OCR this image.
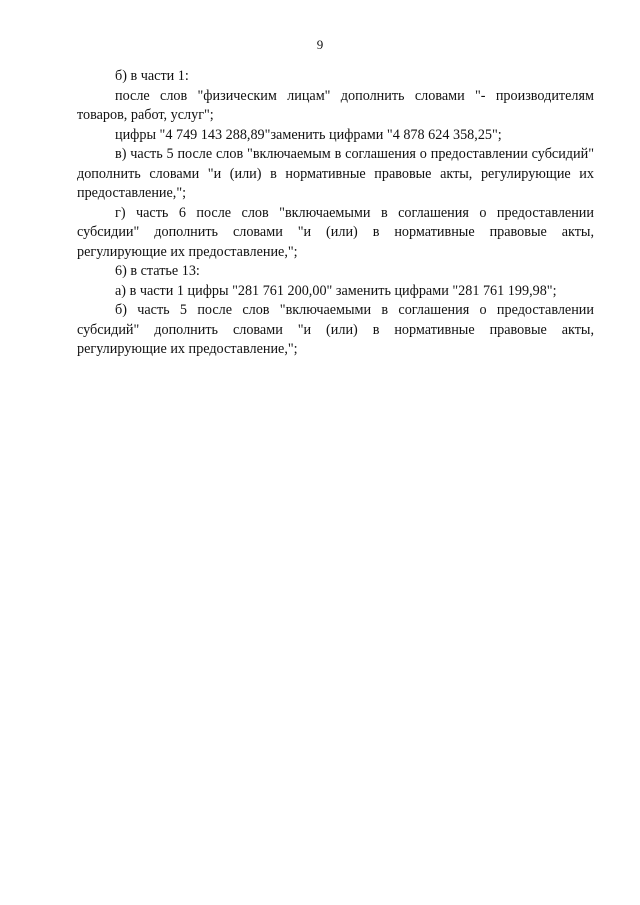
9

б) в части 1:

после слов "физическим лицам" дополнить словами "- производителям товаров, работ, услуг";

цифры "4 749 143 288,89"заменить цифрами "4 878 624 358,25";

в) часть 5 после слов "включаемым в соглашения о предоставлении субсидий" дополнить словами "и (или) в нормативные правовые акты, регулирующие их предоставление,";

г) часть 6 после слов "включаемыми в соглашения о предоставлении субсидии" дополнить словами "и (или) в нормативные правовые акты, регулирующие их предоставление,";

6) в статье 13:

а) в части 1 цифры "281 761 200,00" заменить цифрами "281 761 199,98";

б) часть 5 после слов "включаемыми в соглашения о предоставлении субсидий" дополнить словами "и (или) в нормативные правовые акты, регулирующие их предоставление,";
